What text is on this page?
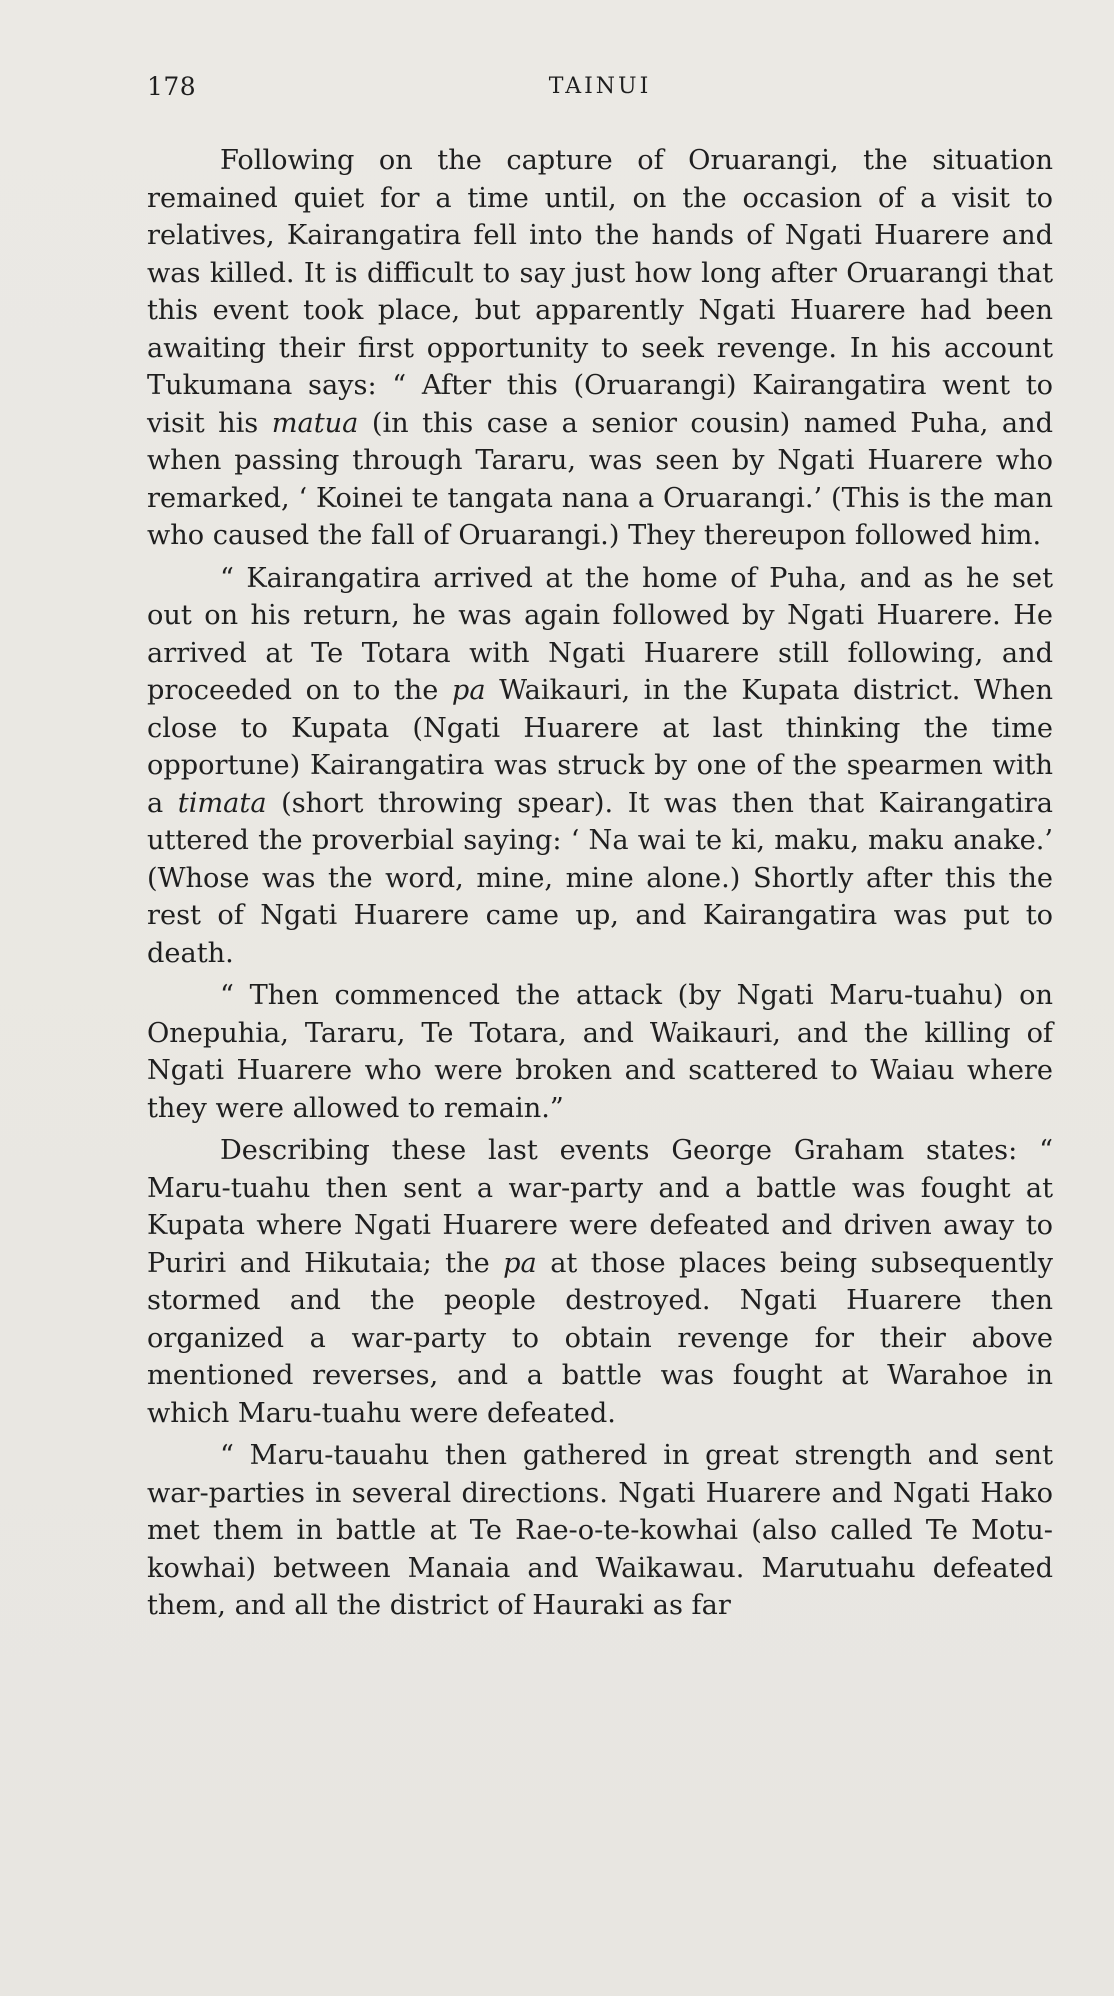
178	TAINUI

Following on the capture of Oruarangi, the situation remained quiet for a time until, on the occasion of a visit to relatives, Kairangatira fell into the hands of Ngati Huarere and was killed. It is difficult to say just how long after Oruarangi that this event took place, but apparently Ngati Huarere had been awaiting their first opportunity to seek revenge. In his account Tukumana says: “ After this (Oruarangi) Kairangatira went to visit his matua (in this case a senior cousin) named Puha, and when passing through Tararu, was seen by Ngati Huarere who remarked, ‘ Koinei te tangata nana a Oruarangi.’ (This is the man who caused the fall of Oruarangi.) They thereupon followed him.

“ Kairangatira arrived at the home of Puha, and as he set out on his return, he was again followed by Ngati Huarere. He arrived at Te Totara with Ngati Huarere still following, and proceeded on to the pa Waikauri, in the Kupata district. When close to Kupata (Ngati Huarere at last thinking the time opportune) Kairangatira was struck by one of the spearmen with a timata (short throwing spear). It was then that Kairangatira uttered the proverbial saying: ‘ Na wai te ki, maku, maku anake.’ (Whose was the word, mine, mine alone.) Shortly after this the rest of Ngati Huarere came up, and Kairangatira was put to death.

“ Then commenced the attack (by Ngati Maru-tuahu) on Onepuhia, Tararu, Te Totara, and Waikauri, and the killing of Ngati Huarere who were broken and scattered to Waiau where they were allowed to remain.”

Describing these last events George Graham states: “ Maru-tuahu then sent a war-party and a battle was fought at Kupata where Ngati Huarere were defeated and driven away to Puriri and Hikutaia; the pa at those places being subsequently stormed and the people destroyed. Ngati Huarere then organized a war-party to obtain revenge for their above mentioned reverses, and a battle was fought at Warahoe in which Maru-tuahu were defeated.

“ Maru-tauahu then gathered in great strength and sent war-parties in several directions. Ngati Huarere and Ngati Hako met them in battle at Te Rae-o-te-kowhai (also called Te Motu-kowhai) between Manaia and Waikawau. Marutuahu defeated them, and all the district of Hauraki as far
